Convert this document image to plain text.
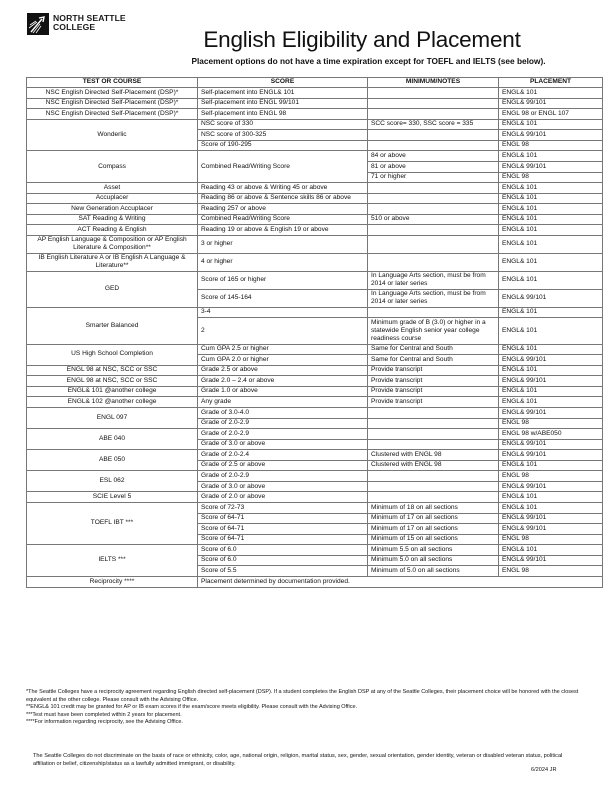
NORTH SEATTLE
COLLEGE	English Eligibility and Placement
Placement options do not have a time expiration except for TOEFL and IELTS (see below).
TEST OR COURSE	SCORE	MINIMUM/NOTES	PLACEMENT
NSC English Directed Self-Placement (DSP)*	Self-placement into ENGL& 101		ENGL& 101
NSC English Directed Self-Placement (DSP)*	Self-placement into ENGL 99/101		ENGL& 99/101
NSC English Directed Self-Placement (DSP)*	Self-placement into ENGL 98		ENGL 98 or ENGL 107
Wonderlic	NSC score of 330	SCC score= 330, SSC score = 335	ENGL& 101
	NSC score of 300-325		ENGL& 99/101
	Score of 190-295		ENGL 98
Compass	Combined Read/Writing Score	84 or above	ENGL& 101
		81 or above	ENGL& 99/101
		71 or higher	ENGL 98
Asset	Reading 43 or above & Writing 45 or above		ENGL& 101
Accuplacer	Reading 86 or above & Sentence skills 86 or above		ENGL& 101
New Generation Accuplacer	Reading 257 or above		ENGL& 101
SAT Reading & Writing	Combined Read/Writing Score	510 or above	ENGL& 101
ACT Reading & English	Reading 19 or above & English 19 or above		ENGL& 101
AP English Language & Composition or AP English Literature & Composition**	3 or higher		ENGL& 101
IB English Literature A or IB English A Language & Literature**	4 or higher		ENGL& 101
GED	Score of 165 or higher	In Language Arts section, must be from 2014 or later series	ENGL& 101
	Score of 145-164	In Language Arts section, must be from 2014 or later series	ENGL& 99/101
Smarter Balanced	3-4		ENGL& 101
	2	Minimum grade of B (3.0) or higher in a statewide English senior year college readiness course	ENGL& 101
US High School Completion	Cum GPA 2.5 or higher	Same for Central and South	ENGL& 101
	Cum GPA 2.0 or higher	Same for Central and South	ENGL& 99/101
ENGL 98 at NSC, SCC or SSC	Grade 2.5 or above	Provide transcript	ENGL& 101
ENGL 98 at NSC, SCC or SSC	Grade 2.0 – 2.4 or above	Provide transcript	ENGL& 99/101
ENGL& 101 @another college	Grade 1.0 or above	Provide transcript	ENGL& 101
ENGL& 102 @another college	Any grade	Provide transcript	ENGL& 101
ENGL 097	Grade of 3.0-4.0		ENGL& 99/101
	Grade of 2.0-2.9		ENGL 98
ABE 040	Grade of 2.0-2.9		ENGL 98 w/ABE050
	Grade of 3.0 or above		ENGL& 99/101
ABE 050	Grade of 2.0-2.4	Clustered with ENGL 98	ENGL& 99/101
	Grade of 2.5 or above	Clustered with ENGL 98	ENGL& 101
ESL 062	Grade of 2.0-2.9		ENGL 98
	Grade of 3.0 or above		ENGL& 99/101
SCIE Level 5	Grade of 2.0 or above		ENGL& 101
TOEFL IBT ***	Score of 72-73	Minimum of 18 on all sections	ENGL& 101
	Score of 64-71	Minimum of 17 on all sections	ENGL& 99/101
	Score of 64-71	Minimum of 17 on all sections	ENGL& 99/101
	Score of 64-71	Minimum of 15 on all sections	ENGL 98
IELTS ***	Score of 6.0	Minimum 5.5 on all sections	ENGL& 101
	Score of 6.0	Minimum 5.0 on all sections	ENGL& 99/101
	Score of 5.5	Minimum of 5.0 on all sections	ENGL 98
Reciprocity ****	Placement determined by documentation provided.		

*The Seattle Colleges have a reciprocity agreement regarding English directed self-placement (DSP). If a student completes the English DSP at any of the Seattle Colleges, their placement choice will be honored with the closest equivalent at the other college. Please consult with the Advising Office.

**ENGL& 101 credit may be granted for AP or IB exam scores if the exam/score meets eligibility. Please consult with the Advising Office.

***Test must have been completed within 2 years for placement.

****For information regarding reciprocity, see the Advising Office.

The Seattle Colleges do not discriminate on the basis of race or ethnicity, color, age, national origin, religion, marital status, sex, gender, sexual orientation, gender identity, veteran or disabled veteran status, political affiliation or belief, citizenship/status as a lawfully admitted immigrant, or disability.
6/2024 JR
